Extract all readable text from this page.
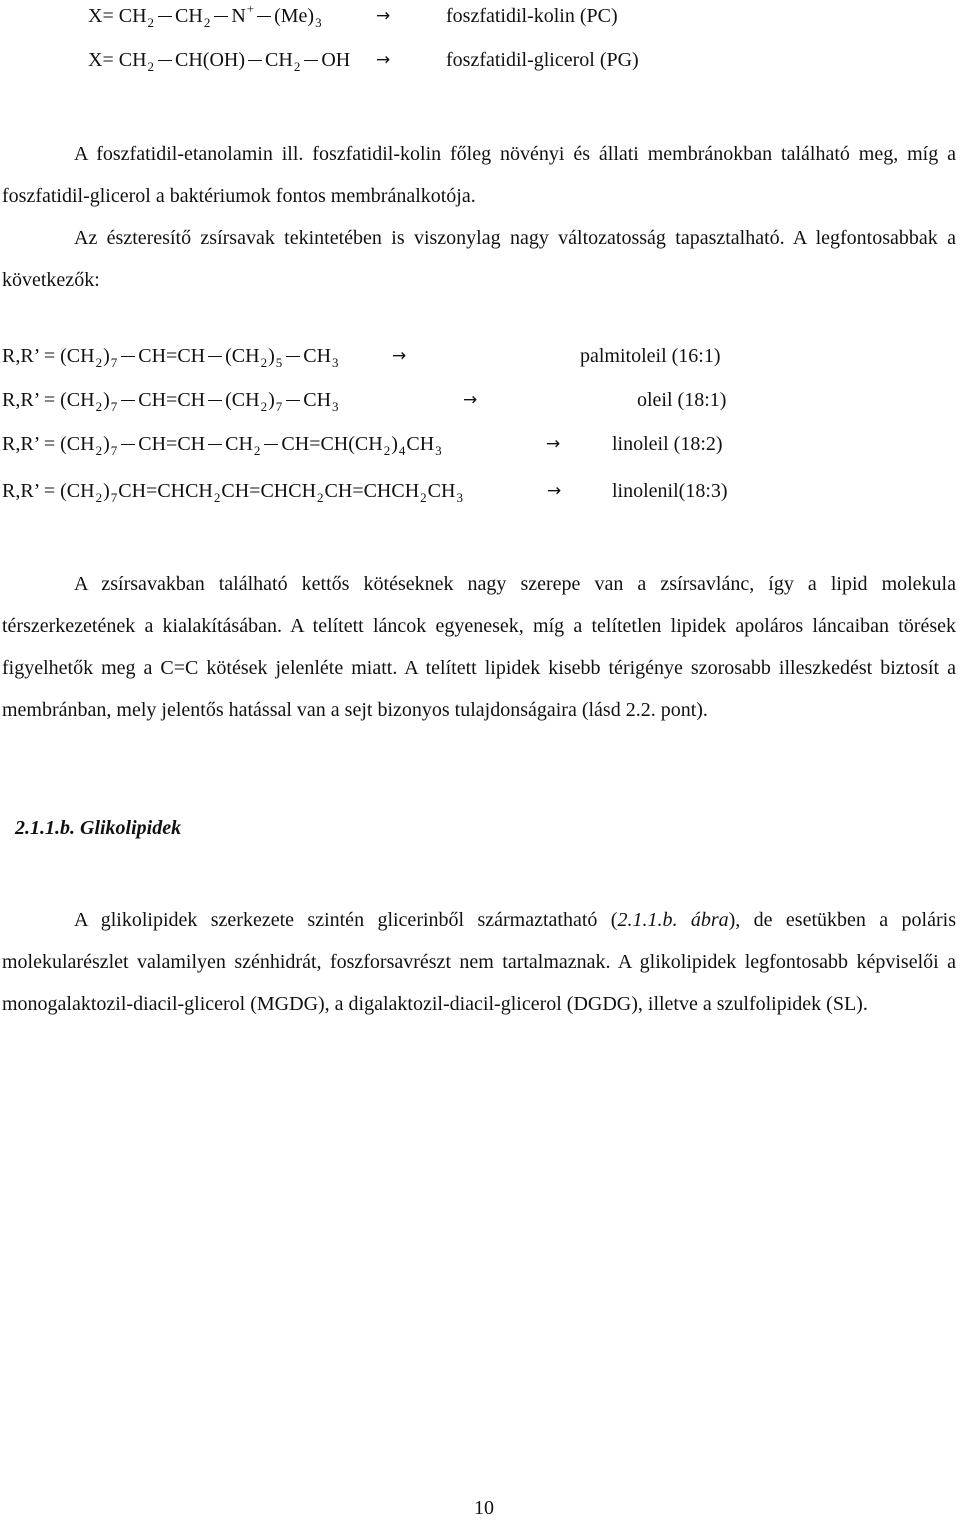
$X= CH_2$ $CH_2$ N+ $(Me)_3$	→	foszfatidil-kolin (PC)
$X= CH_2$ CH(OH) $CH_2$ OH →	foszfatidil-glicerol (PG)

A foszfatidil-etanolamin ill. foszfatidil-kolin főleg növényi és állati membránokban található meg, míg a foszfatidil-glicerol a baktériumok fontos membránalkotója.

Az észteresítő zsírsavak tekintetében is viszonylag nagy változatosság tapasztalható. A legfontosabbak a következők:

R,R’ = $(CH_2)_7$ CH=CH $(CH_2)_5$ $CH_3$	→	palmitoleil (16:1)
R,R’ = $(CH_2)_7$ CH=CH $(CH_2)_7$ $CH_3$	→	oleil (18:1)
R,R’ = $(CH_2)_7$ CH=CH $CH_2$ $CH=CH(CH_2)_4CH_3$	→	linoleil (18:2)
R,R’ = $(CH_2)_7CH=CHCH_2CH=CHCH_2CH=CHCH_2CH_3$	→	linolenil(18:3)

A zsírsavakban található kettős kötéseknek nagy szerepe van a zsírsavlánc, így a lipid molekula térszerkezetének a kialakításában. A telített láncok egyenesek, míg a telítetlen lipidek apoláros láncaiban törések figyelhetők meg a C=C kötések jelenléte miatt. A telített lipidek kisebb térigénye szorosabb illeszkedést biztosít a membránban, mely jelentős hatással van a sejt bizonyos tulajdonságaira (lásd 2.2. pont).

2.1.1.b. Glikolipidek

A glikolipidek szerkezete szintén glicerinből származtatható (2.1.1.b. ábra), de esetükben a poláris molekularészlet valamilyen szénhidrát, foszforsavrészt nem tartalmaznak. A glikolipidek legfontosabb képviselői a monogalaktozil-diacil-glicerol (MGDG), a digalaktozil-diacil-glicerol (DGDG), illetve a szulfolipidek (SL).

10
